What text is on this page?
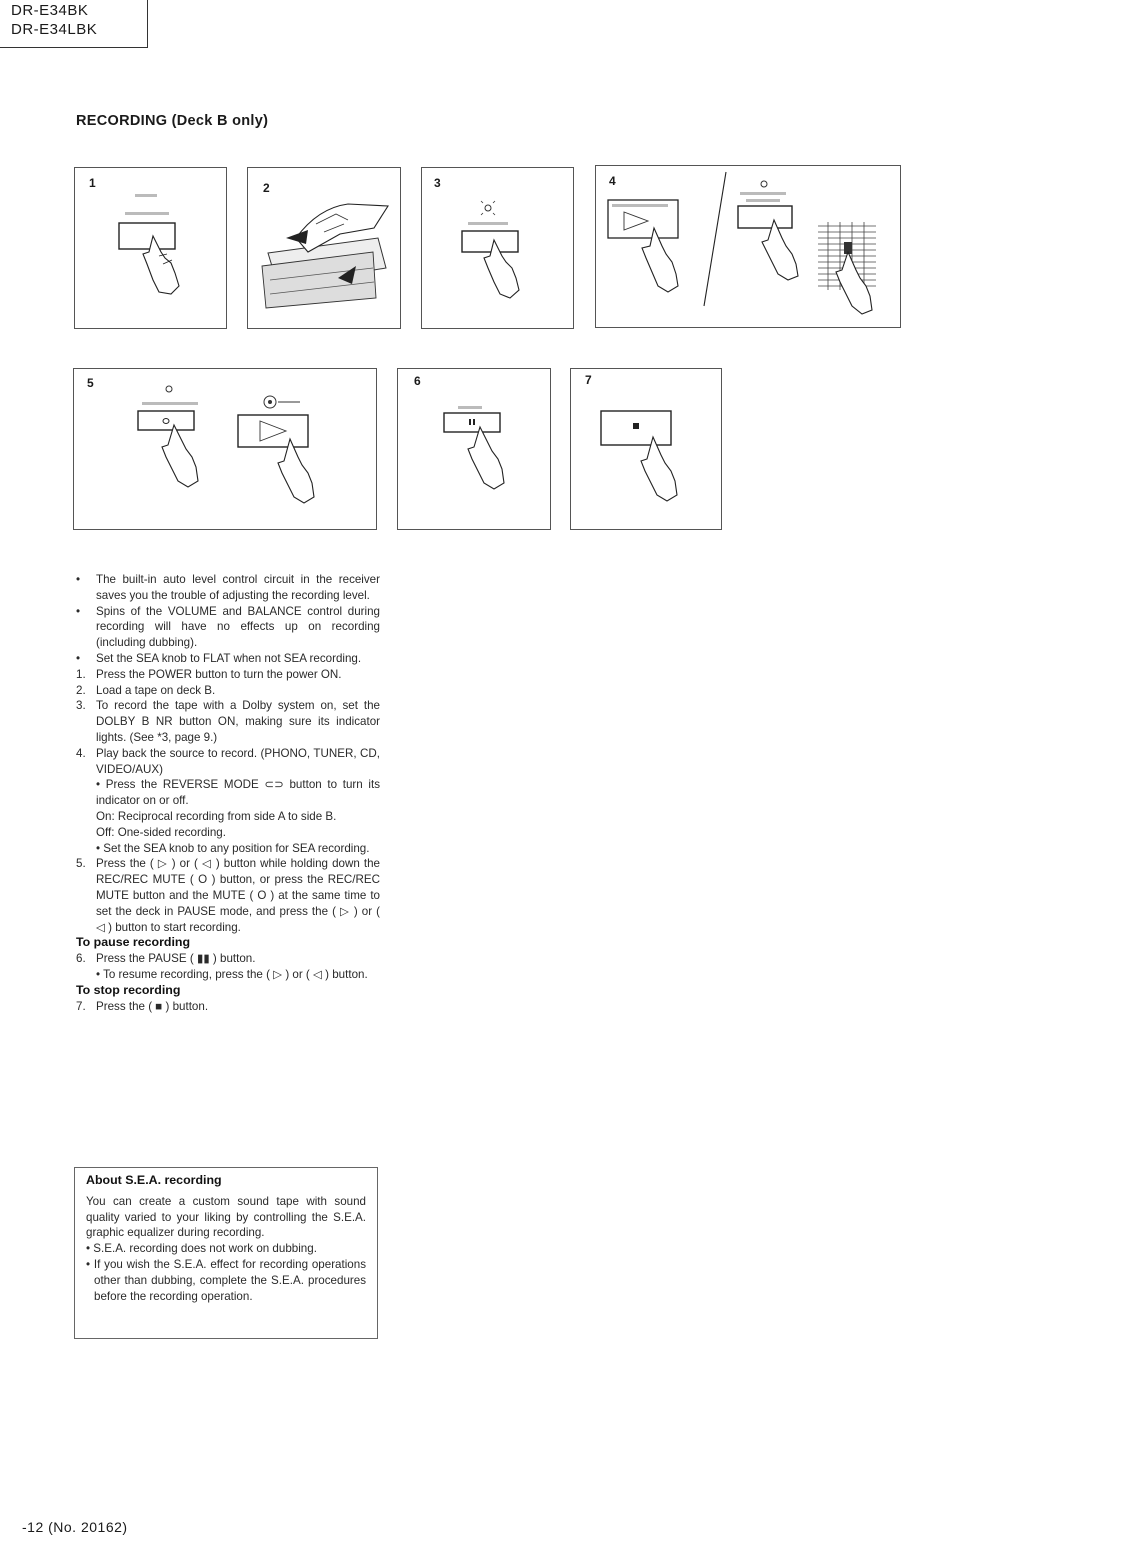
DR-E34BK
DR-E34LBK
RECORDING (Deck B only)
1	2	3	4
5	6	7
•	The built-in auto level control circuit in the receiver saves you the trouble of adjusting the recording level.
•	Spins of the VOLUME and BALANCE control during recording will have no effects up on recording (including dubbing).
•	Set the SEA knob to FLAT when not SEA recording.
1. Press the POWER button to turn the power ON.
2. Load a tape on deck B.
3. To record the tape with a Dolby system on, set the DOLBY B NR button ON, making sure its indicator lights. (See *3, page 9.)
4. Play back the source to record. (PHONO, TUNER, CD, VIDEO/AUX)
• Press the REVERSE MODE ⊂⊃ button to turn its indicator on or off.
On: Reciprocal recording from side A to side B.
Off: One-sided recording.
• Set the SEA knob to any position for SEA recording.
5. Press the ( ▷ ) or ( ◁ ) button while holding down the REC/REC MUTE ( O ) button, or press the REC/REC MUTE button and the MUTE ( O ) at the same time to set the deck in PAUSE mode, and press the ( ▷ ) or ( ◁ ) button to start recording.
To pause recording
6. Press the PAUSE ( ▮▮ ) button.
• To resume recording, press the ( ▷ ) or ( ◁ ) button.
To stop recording
7. Press the ( ■ ) button.
About S.E.A. recording

You can create a custom sound tape with sound quality varied to your liking by controlling the S.E.A. graphic equalizer during recording.

• S.E.A. recording does not work on dubbing.
• If you wish the S.E.A. effect for recording operations other than dubbing, complete the S.E.A. procedures before the recording operation.
-12 (No. 20162)
